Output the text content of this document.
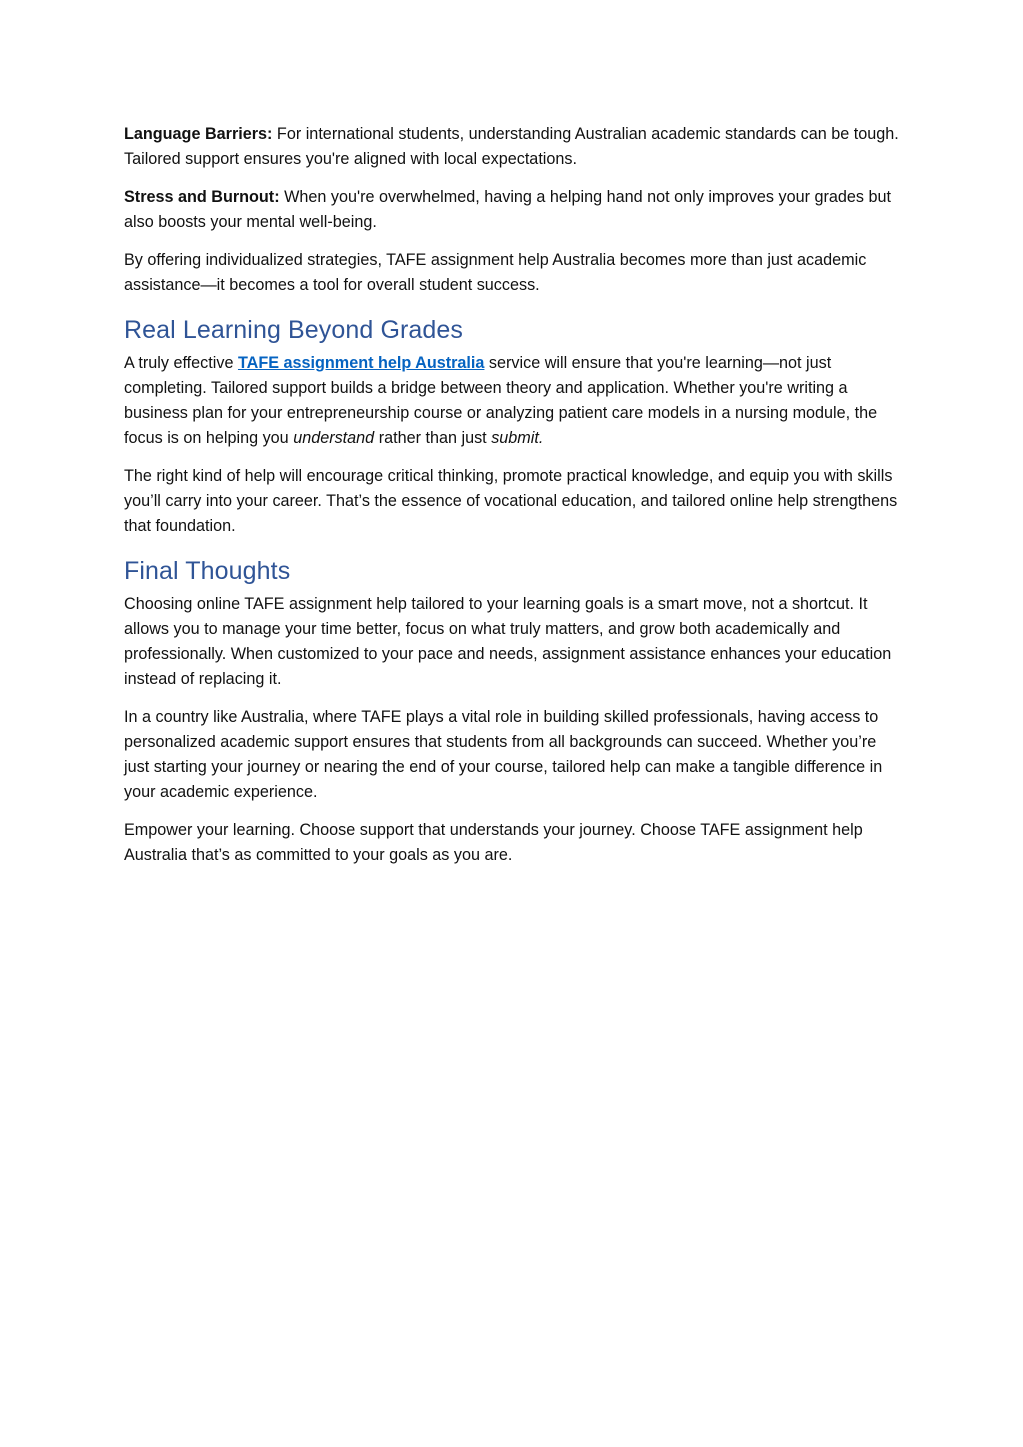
Language Barriers: For international students, understanding Australian academic standards can be tough. Tailored support ensures you're aligned with local expectations.

Stress and Burnout: When you're overwhelmed, having a helping hand not only improves your grades but also boosts your mental well-being.

By offering individualized strategies, TAFE assignment help Australia becomes more than just academic assistance—it becomes a tool for overall student success.

Real Learning Beyond Grades

A truly effective TAFE assignment help Australia service will ensure that you're learning—not just completing. Tailored support builds a bridge between theory and application. Whether you're writing a business plan for your entrepreneurship course or analyzing patient care models in a nursing module, the focus is on helping you understand rather than just submit.

The right kind of help will encourage critical thinking, promote practical knowledge, and equip you with skills you’ll carry into your career. That’s the essence of vocational education, and tailored online help strengthens that foundation.

Final Thoughts

Choosing online TAFE assignment help tailored to your learning goals is a smart move, not a shortcut. It allows you to manage your time better, focus on what truly matters, and grow both academically and professionally. When customized to your pace and needs, assignment assistance enhances your education instead of replacing it.

In a country like Australia, where TAFE plays a vital role in building skilled professionals, having access to personalized academic support ensures that students from all backgrounds can succeed. Whether you’re just starting your journey or nearing the end of your course, tailored help can make a tangible difference in your academic experience.

Empower your learning. Choose support that understands your journey. Choose TAFE assignment help Australia that’s as committed to your goals as you are.
